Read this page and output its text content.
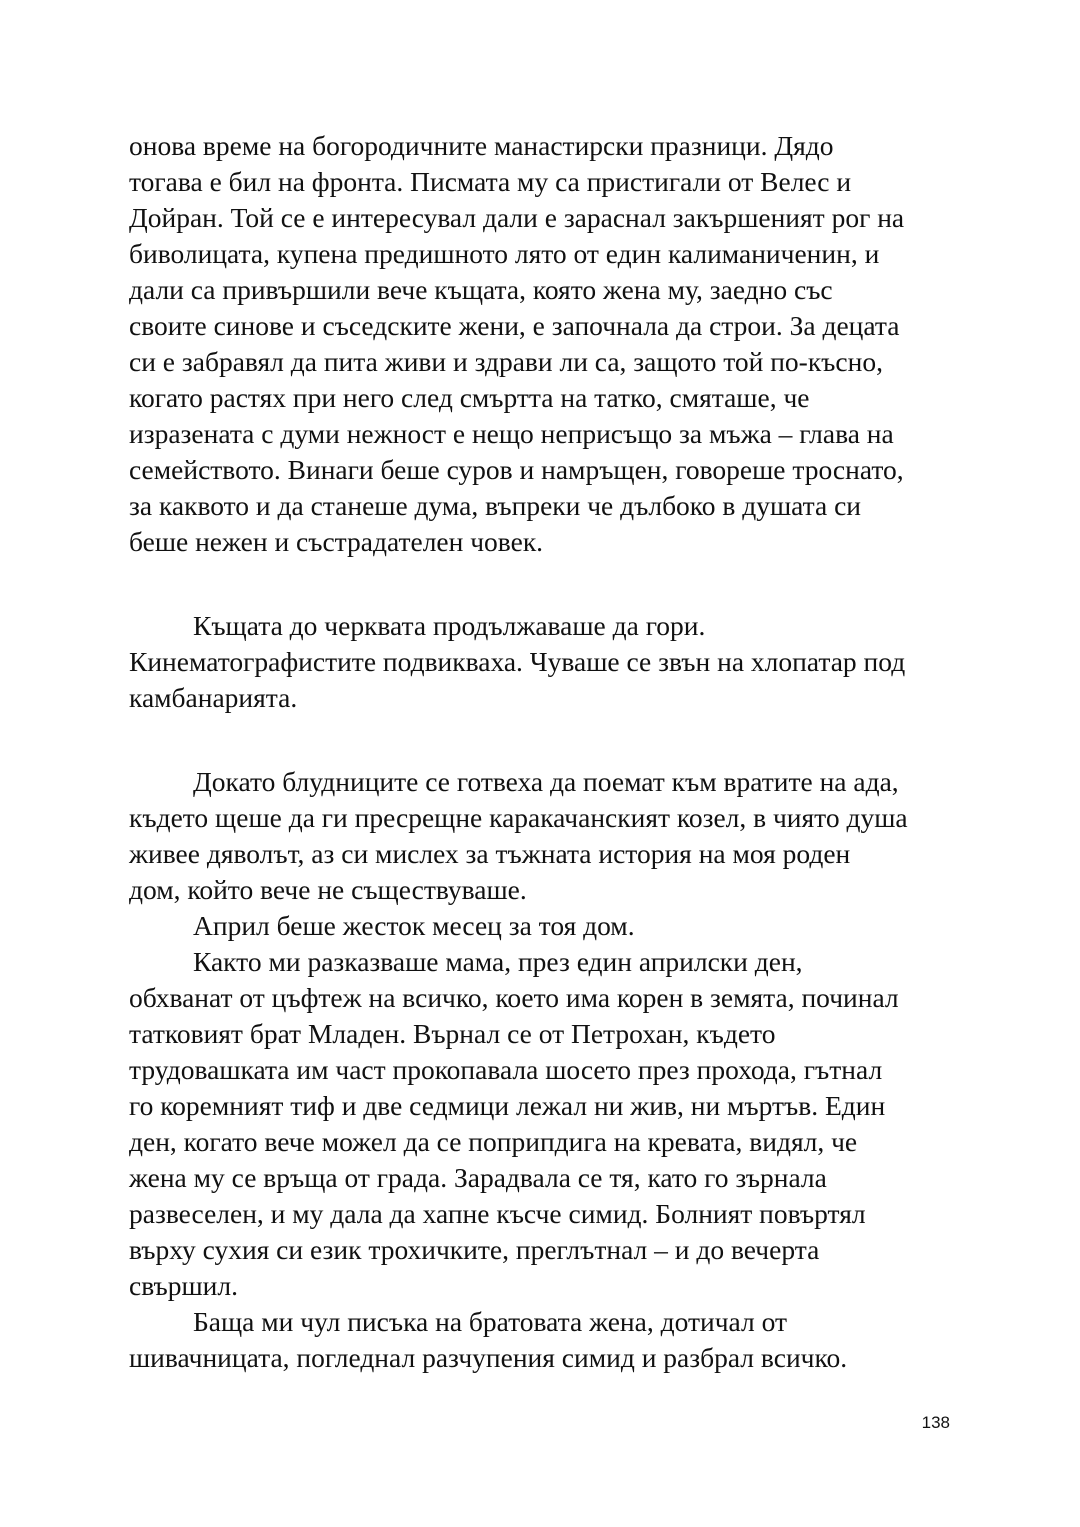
онова време на богородичните манастирски празници. Дядо
тогава е бил на фронта. Писмата му са пристигали от Велес и
Дойран. Той се е интересувал дали е зараснал закършеният рог на
биволицата, купена предишното лято от един калиманиченин, и
дали са привършили вече къщата, която жена му, заедно със
своите синове и съседските жени, е започнала да строи. За децата
си е забравял да пита живи и здрави ли са, защото той по-късно,
когато растях при него след смъртта на татко, смяташе, че
изразената с думи нежност е нещо неприсъщо за мъжа – глава на
семейството. Винаги беше суров и намръщен, говореше троснато,
за каквото и да станеше дума, въпреки че дълбоко в душата си
беше нежен и състрадателен човек.
Къщата до черквата продължаваше да гори.
Кинематографистите подвикваха. Чуваше се звън на хлопатар под
камбанарията.
Докато блудниците се готвеха да поемат към вратите на ада,
където щеше да ги пресрещне каракачанският козел, в чиято душа
живее дяволът, аз си мислех за тъжната история на моя роден
дом, който вече не съществуваше.
Април беше жесток месец за тоя дом.
Както ми разказваше мама, през един априлски ден,
обхванат от цъфтеж на всичко, което има корен в земята, починал
татковият брат Младен. Върнал се от Петрохан, където
трудовашката им част прокопавала шосето през прохода, гътнал
го коремният тиф и две седмици лежал ни жив, ни мъртъв. Един
ден, когато вече можел да се поприпдига на кревата, видял, че
жена му се връща от града. Зарадвала се тя, като го зърнала
развеселен, и му дала да хапне късче симид. Болният повъртял
върху сухия си език трохичките, преглътнал – и до вечерта
свършил.
Баща ми чул писъка на братовата жена, дотичал от
шивачницата, погледнал разчупения симид и разбрал всичко.
138
